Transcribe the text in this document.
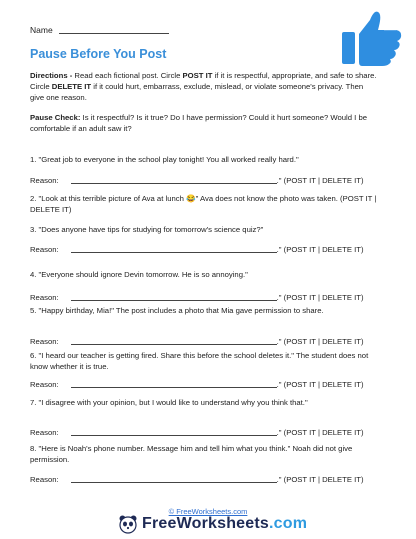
Name
Pause Before You Post
Directions - Read each fictional post. Circle POST IT if it is respectful, appropriate, and safe to share. Circle DELETE IT if it could hurt, embarrass, exclude, mislead, or violate someone's privacy. Then give one reason.
Pause Check: Is it respectful? Is it true? Do I have permission? Could it hurt someone? Would I be comfortable if an adult saw it?
1. "Great job to everyone in the school play tonight! You all worked really hard."
Reason:	." (POST IT | DELETE IT)
2. "Look at this terrible picture of Ava at lunch 😂" Ava does not know the photo was taken. (POST IT | DELETE IT)
3. "Does anyone have tips for studying for tomorrow's science quiz?"
Reason:	." (POST IT | DELETE IT)
4. "Everyone should ignore Devin tomorrow. He is so annoying."
Reason:	." (POST IT | DELETE IT)
5. "Happy birthday, Mia!" The post includes a photo that Mia gave permission to share.
Reason:	." (POST IT | DELETE IT)
6. "I heard our teacher is getting fired. Share this before the school deletes it." The student does not know whether it is true.
Reason:	." (POST IT | DELETE IT)
7. "I disagree with your opinion, but I would like to understand why you think that."
Reason:	." (POST IT | DELETE IT)
8. "Here is Noah's phone number. Message him and tell him what you think." Noah did not give permission.
Reason:	." (POST IT | DELETE IT)
© FreeWorksheets.com
FreeWorksheets.com
